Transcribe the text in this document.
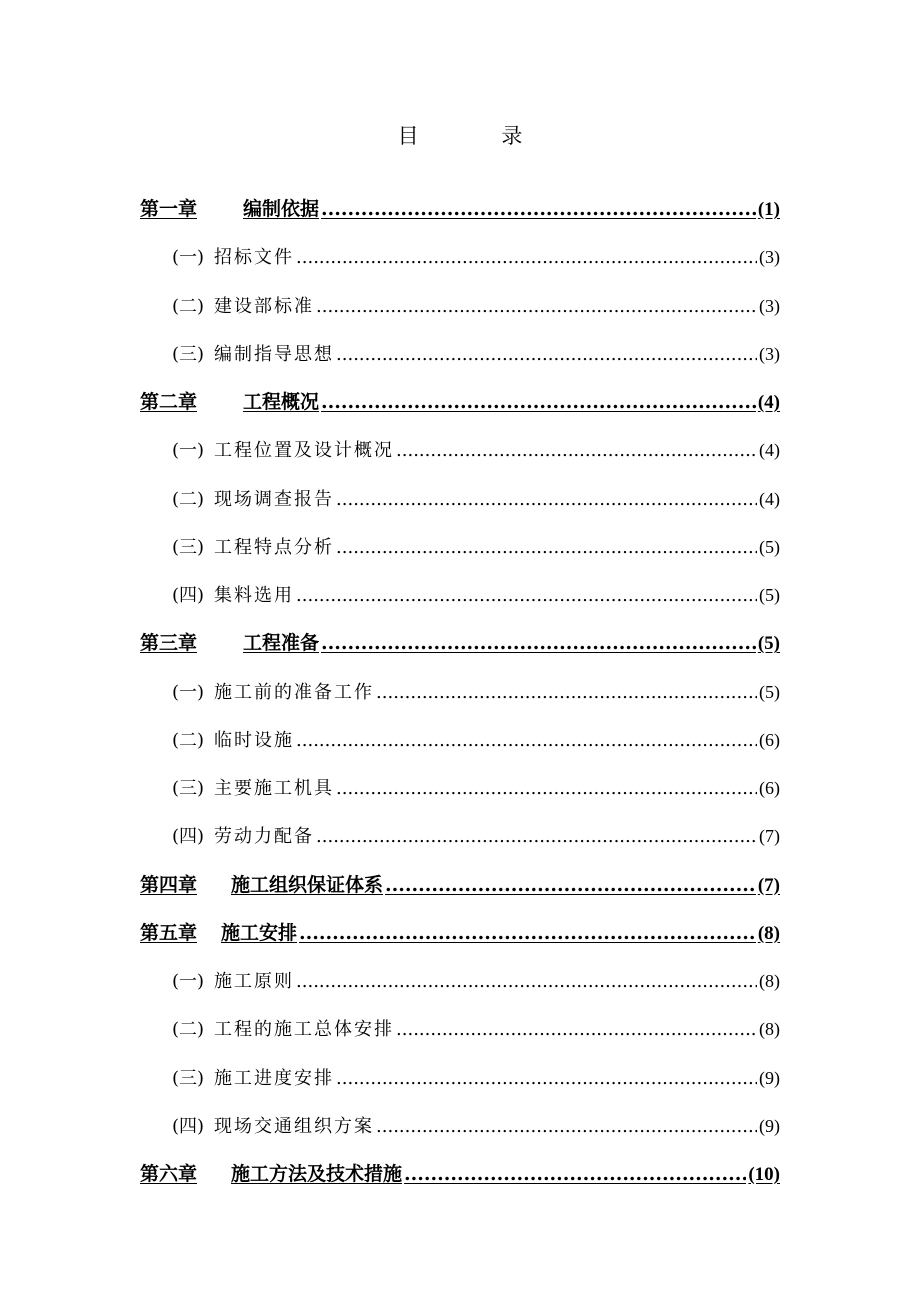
目 录
第一章 编制依据 .....	(1)
(一) 招标文件 .....	(3)
(二) 建设部标准 .....	(3)
(三) 编制指导思想 .....	(3)
第二章 工程概况 .....	(4)
(一) 工程位置及设计概况 .....	(4)
(二) 现场调查报告 .....	(4)
(三) 工程特点分析 .....	(5)
(四) 集料选用 .....	(5)
第三章 工程准备 .....	(5)
(一) 施工前的准备工作 .....	(5)
(二) 临时设施 .....	(6)
(三) 主要施工机具 .....	(6)
(四) 劳动力配备 .....	(7)
第四章 施工组织保证体系 .....	(7)
第五章 施工安排 .....	(8)
(一) 施工原则 .....	(8)
(二) 工程的施工总体安排 .....	(8)
(三) 施工进度安排 .....	(9)
(四) 现场交通组织方案 .....	(9)
第六章 施工方法及技术措施 .....	(10)
